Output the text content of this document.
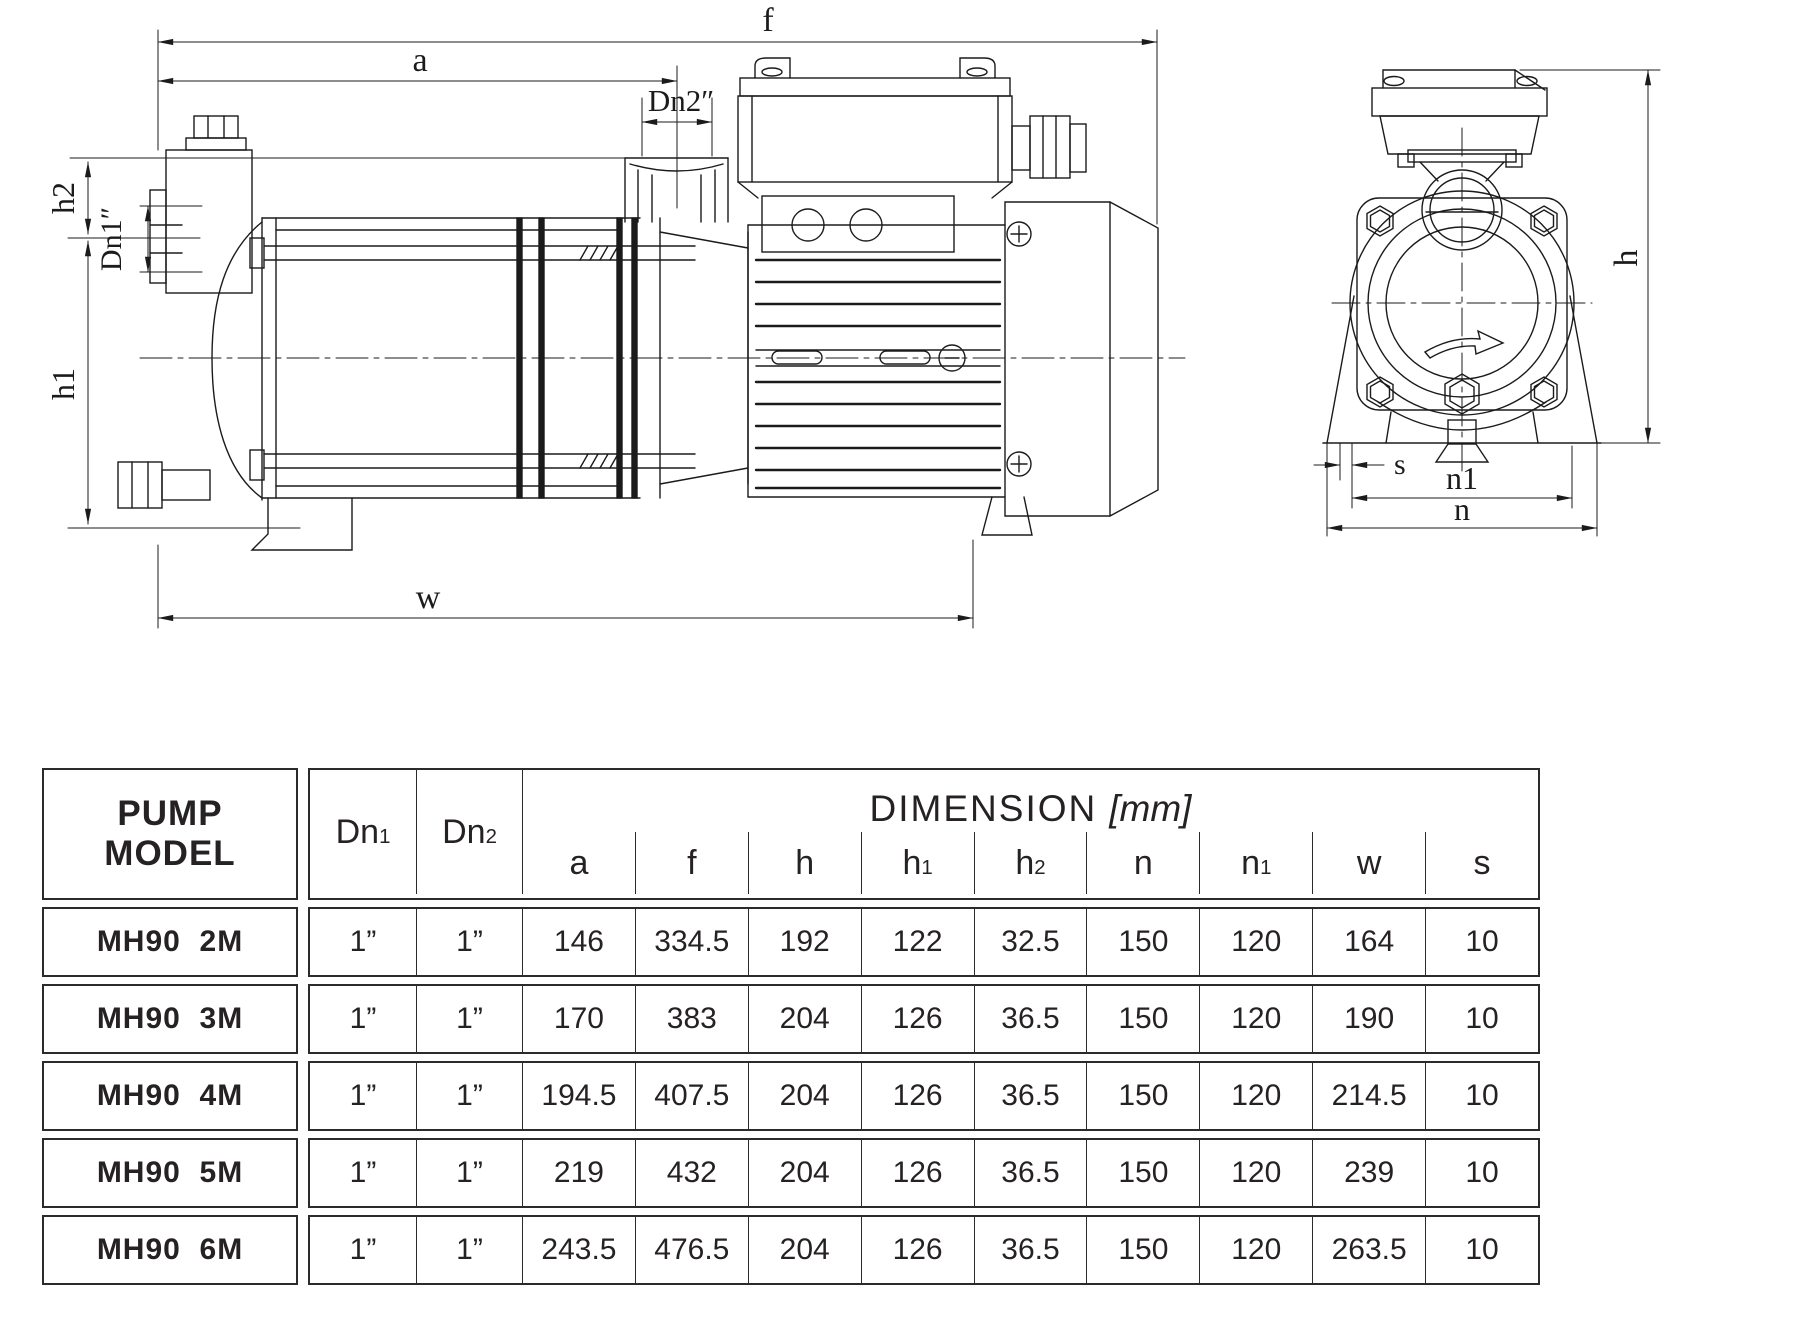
f
a
Dn2″
h2
Dn1″
h1
w
h
s n1
n
PUMP
MODEL
$Dn_1$ $Dn_2$
DIMENSION [mm]
a	f	h	$h_1$ $h_2$	n	$n_1$	w	s
MH90  2M	1”	1”	146	334.5	192	122	32.5	150	120	164	10
MH90  3M	1”	1”	170	383	204	126	36.5	150	120	190	10
MH90  4M	1”	1”	194.5	407.5	204	126	36.5	150	120	214.5	10
MH90  5M	1”	1”	219	432	204	126	36.5	150	120	239	10
MH90  6M	1”	1”	243.5	476.5	204	126	36.5	150	120	263.5	10
